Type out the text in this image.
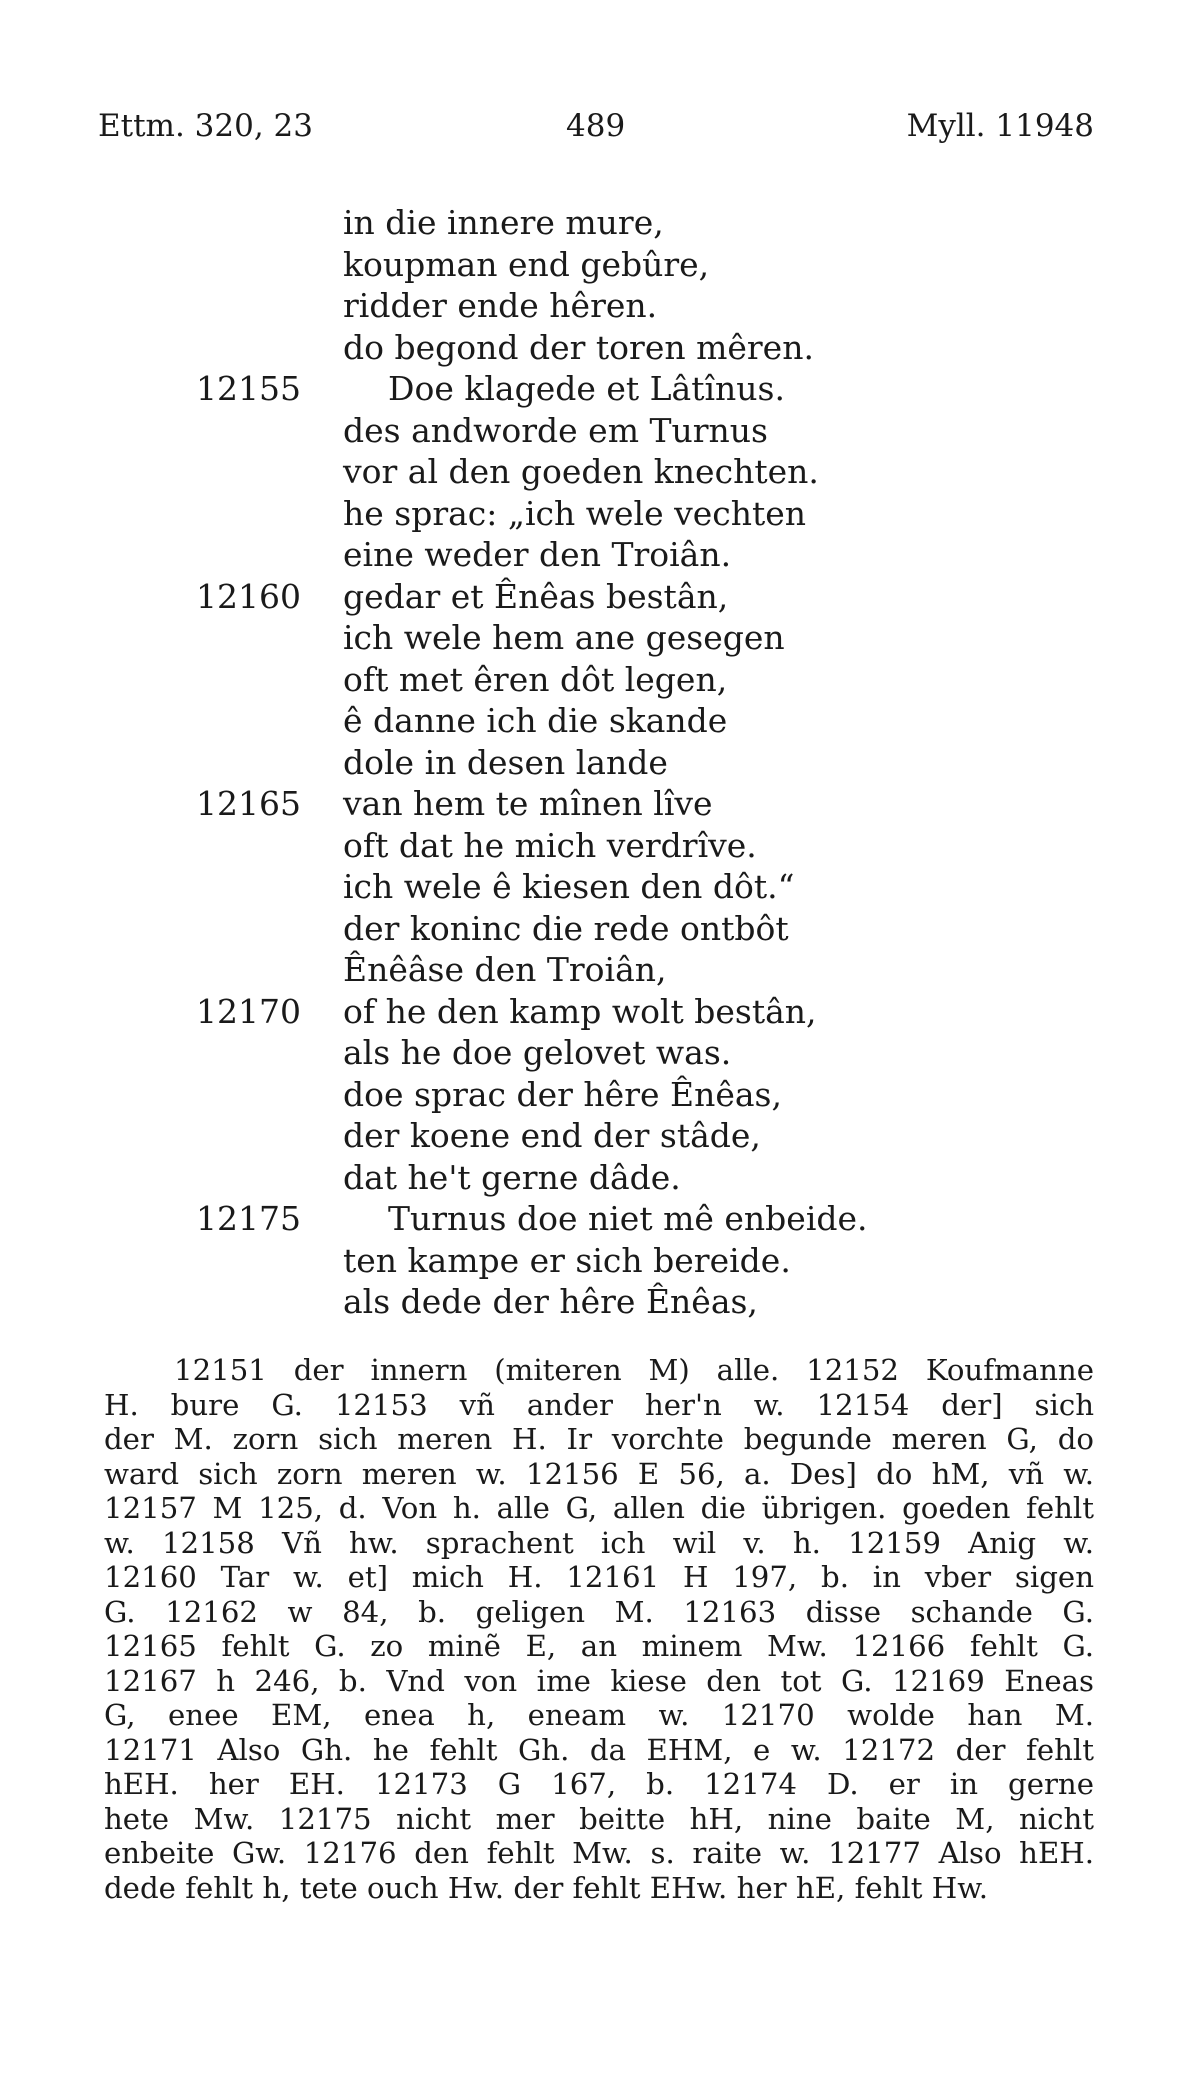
Ettm. 320, 23	489	Myll. 11948
in die innere mure,
koupman end gebûre,
ridder ende hêren.
do begond der toren mêren.
12155	Doe klagede et Lâtînus.
des andworde em Turnus
vor al den goeden knechten.
he sprac: „ich wele vechten
eine weder den Troiân.
12160 gedar et Ênêas bestân,
ich wele hem ane gesegen
oft met êren dôt legen,
ê danne ich die skande
dole in desen lande
12165 van hem te mînen lîve
oft dat he mich verdrîve.
ich wele ê kiesen den dôt.“
der koninc die rede ontbôt
Ênêâse den Troiân,
12170 of he den kamp wolt bestân,
als he doe gelovet was.
doe sprac der hêre Ênêas,
der koene end der stâde,
dat he't gerne dâde.
12175	Turnus doe niet mê enbeide.
ten kampe er sich bereide.
als dede der hêre Ênêas,
12151 der innern (miteren M) alle. 12152 Koufmanne
H. bure G. 12153 vñ ander her'n w. 12154 der] sich
der M. zorn sich meren H. Ir vorchte begunde meren G, do
ward sich zorn meren w. 12156 E 56, a. Des] do hM, vñ w.
12157 M 125, d. Von h. alle G, allen die übrigen. goeden fehlt
w. 12158 Vñ hw. sprachent ich wil v. h. 12159 Anig w.
12160 Tar w. et] mich H. 12161 H 197, b. in vber sigen
G. 12162 w 84, b. geligen M. 12163 disse schande G.
12165 fehlt G. zo minẽ E, an minem Mw. 12166 fehlt G.
12167 h 246, b. Vnd von ime kiese den tot G. 12169 Eneas
G, enee EM, enea h, eneam w. 12170 wolde han M.
12171 Also Gh. he fehlt Gh. da EHM, e w. 12172 der fehlt
hEH. her EH. 12173 G 167, b. 12174 D. er in gerne
hete Mw. 12175 nicht mer beitte hH, nine baite M, nicht
enbeite Gw. 12176 den fehlt Mw. s. raite w. 12177 Also hEH.
dede fehlt h, tete ouch Hw. der fehlt EHw. her hE, fehlt Hw.
